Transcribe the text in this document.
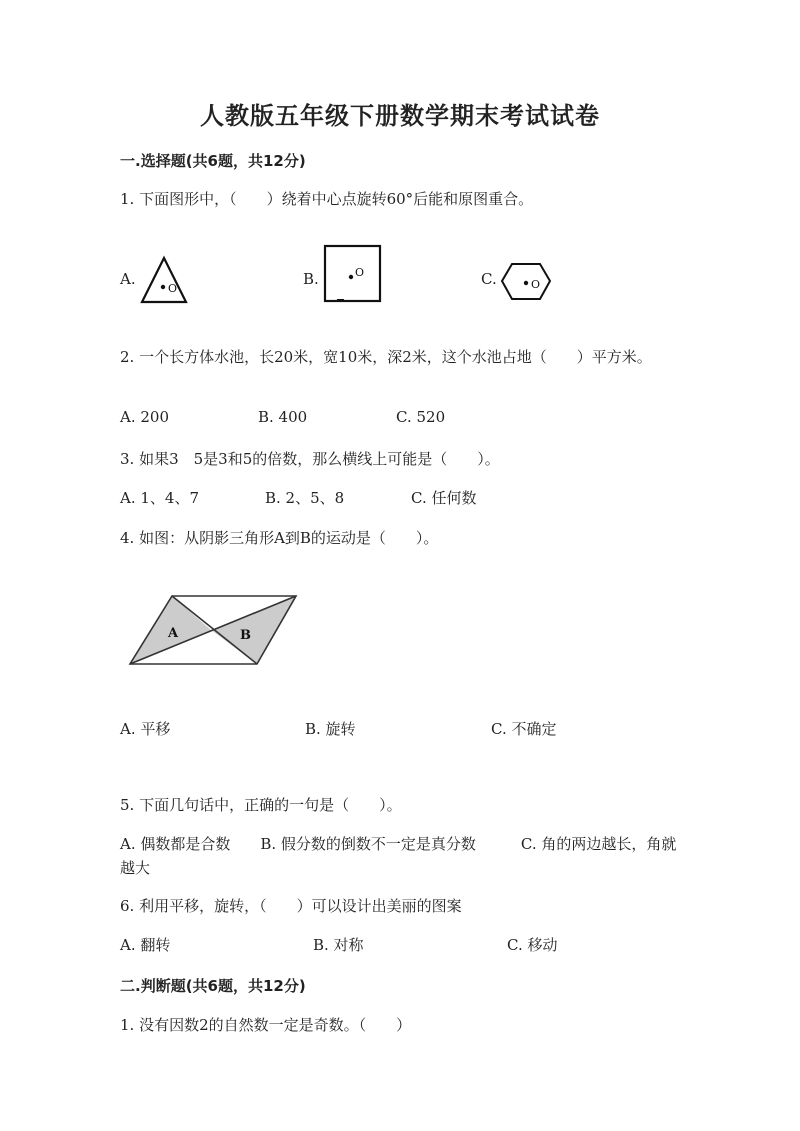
人教版五年级下册数学期末考试试卷
一.选择题(共6题，共12分)
1. 下面图形中，（　　）绕着中心点旋转60°后能和原图重合。
A.
O
B.	O	C.	O
2. 一个长方体水池，长20米，宽10米，深2米，这个水池占地（　　）平方米。
A. 200	B. 400	C. 520
3. 如果3　5是3和5的倍数，那么横线上可能是（　　）。
A. 1、4、7	B. 2、5、8	C. 任何数
4. 如图：从阴影三角形A到B的运动是（　　）。
A	B
A. 平移	B. 旋转	C. 不确定
5. 下面几句话中，正确的一句是（　　）。
A. 偶数都是合数　　B. 假分数的倒数不一定是真分数　　　C. 角的两边越长，角就越大
6. 利用平移，旋转，（　　）可以设计出美丽的图案
A. 翻转	B. 对称	C. 移动
二.判断题(共6题，共12分)
1. 没有因数2的自然数一定是奇数。（　　）
